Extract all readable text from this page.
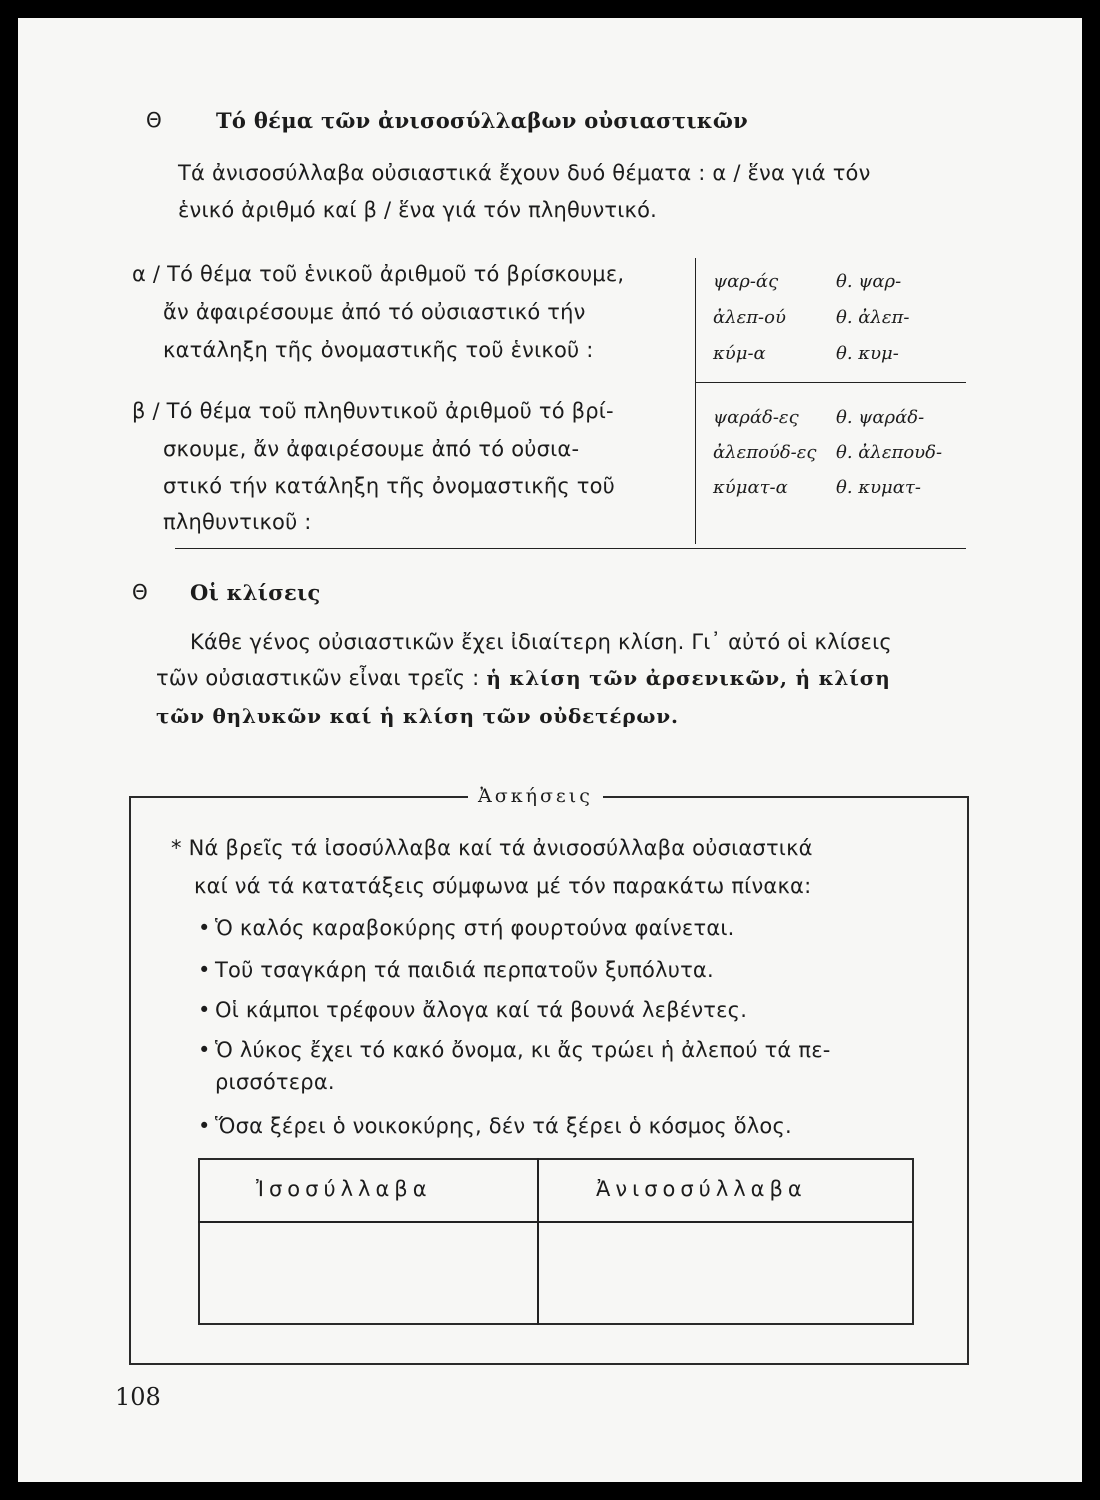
Θ	Τό θέμα τῶν ἀνισοσύλλαβων οὐσιαστικῶν
Τά ἀνισοσύλλαβα οὐσιαστικά ἔχουν δυό θέματα : α / ἕνα γιά τόν
ἑνικό ἀριθμό καί β / ἕνα γιά τόν πληθυντικό.
α / Τό θέμα τοῦ ἑνικοῦ ἀριθμοῦ τό βρίσκουμε,
ἄν ἀφαιρέσουμε ἀπό τό οὐσιαστικό τήν
κατάληξη τῆς ὀνομαστικῆς τοῦ ἑνικοῦ :
ψαρ-άς	θ. ψαρ-
ἀλεπ-ού	θ. ἀλεπ-
κύμ-α	θ. κυμ-
β / Τό θέμα τοῦ πληθυντικοῦ ἀριθμοῦ τό βρί-
σκουμε, ἄν ἀφαιρέσουμε ἀπό τό οὐσια-
στικό τήν κατάληξη τῆς ὀνομαστικῆς τοῦ
πληθυντικοῦ :
ψαράδ-ες θ. ψαράδ-
ἀλεπούδ-ες θ. ἀλεπουδ-
κύματ-α	θ. κυματ-
Θ Οἱ κλίσεις
Κάθε γένος οὐσιαστικῶν ἔχει ἰδιαίτερη κλίση. Γι᾽ αὐτό οἱ κλίσεις
τῶν οὐσιαστικῶν εἶναι τρεῖς : ἡ κλίση τῶν ἀρσενικῶν, ἡ κλίση
τῶν θηλυκῶν καί ἡ κλίση τῶν οὐδετέρων.
Ἀσκήσεις
* Νά βρεῖς τά ἰσοσύλλαβα καί τά ἀνισοσύλλαβα οὐσιαστικά
καί νά τά κατατάξεις σύμφωνα μέ τόν παρακάτω πίνακα:
• Ὁ καλός καραβοκύρης στή φουρτούνα φαίνεται.
• Τοῦ τσαγκάρη τά παιδιά περπατοῦν ξυπόλυτα.
• Οἱ κάμποι τρέφουν ἄλογα καί τά βουνά λεβέντες.
• Ὁ λύκος ἔχει τό κακό ὄνομα, κι ἄς τρώει ἡ ἀλεπού τά πε-
ρισσότερα.
• Ὅσα ξέρει ὁ νοικοκύρης, δέν τά ξέρει ὁ κόσμος ὅλος.
Ἰσοσύλλαβα	Ἀνισοσύλλαβα
108
